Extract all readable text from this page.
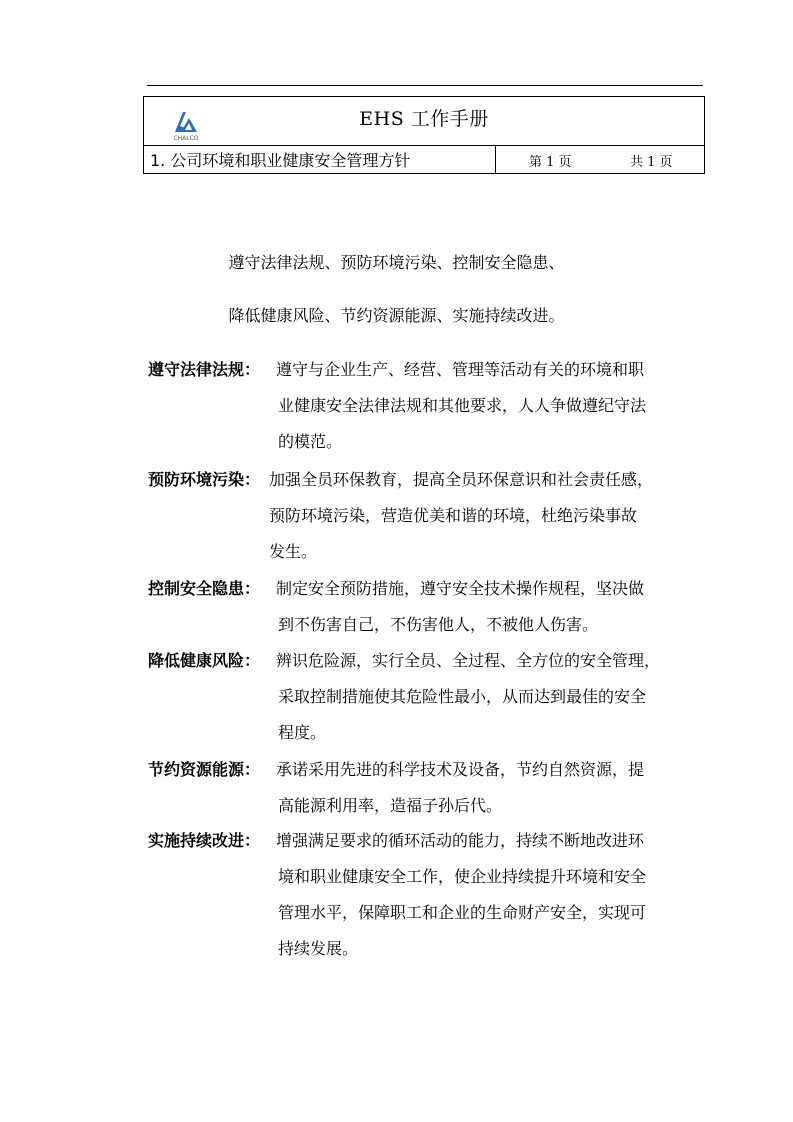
CHALCO
EHS 工作手册
1. 公司环境和职业健康安全管理方针	第 1 页	共 1 页
遵守法律法规、预防环境污染、控制安全隐患、
降低健康风险、节约资源能源、实施持续改进。
遵守法律法规： 遵守与企业生产、经营、管理等活动有关的环境和职
业健康安全法律法规和其他要求，人人争做遵纪守法
的模范。
预防环境污染： 加强全员环保教育，提高全员环保意识和社会责任感，
预防环境污染，营造优美和谐的环境，杜绝污染事故
发生。
控制安全隐患： 制定安全预防措施，遵守安全技术操作规程，坚决做
到不伤害自己，不伤害他人，不被他人伤害。
降低健康风险： 辨识危险源，实行全员、全过程、全方位的安全管理，
采取控制措施使其危险性最小，从而达到最佳的安全
程度。
节约资源能源： 承诺采用先进的科学技术及设备，节约自然资源，提
高能源利用率，造福子孙后代。
实施持续改进： 增强满足要求的循环活动的能力，持续不断地改进环
境和职业健康安全工作，使企业持续提升环境和安全
管理水平，保障职工和企业的生命财产安全，实现可
持续发展。
